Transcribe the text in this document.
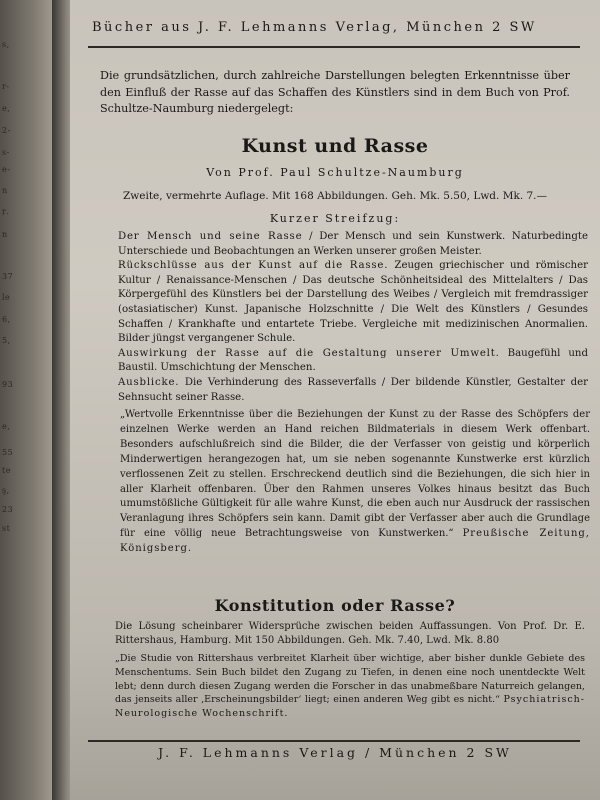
s,
r-
e,
2-
s-
e-
n
ŗ.
n
37
le
6,
5,
93
e,
55
te
ş,
23
st
Bücher aus J. F. Lehmanns Verlag, München 2 SW
Die grundsätzlichen, durch zahlreiche Darstellungen belegten Erkenntnisse über den Einfluß der Rasse auf das Schaffen des Künstlers sind in dem Buch von Prof. Schultze-Naumburg niedergelegt:
Kunst und Rasse
Von Prof. Paul Schultze-Naumburg
Zweite, vermehrte Auflage. Mit 168 Abbildungen. Geh. Mk. 5.50, Lwd. Mk. 7.—
Kurzer Streifzug:
Der Mensch und seine Rasse / Der Mensch und sein Kunstwerk. Naturbedingte Unterschiede und Beobachtungen an Werken unserer großen Meister.
Rückschlüsse aus der Kunst auf die Rasse. Zeugen griechischer und römischer Kultur / Renaissance-Menschen / Das deutsche Schönheitsideal des Mittelalters / Das Körpergefühl des Künstlers bei der Darstellung des Weibes / Vergleich mit fremdrassiger (ostasiatischer) Kunst. Japanische Holzschnitte / Die Welt des Künstlers / Gesundes Schaffen / Krankhafte und entartete Triebe. Vergleiche mit medizinischen Anormalien. Bilder jüngst vergangener Schule.
Auswirkung der Rasse auf die Gestaltung unserer Umwelt. Baugefühl und Baustil. Umschichtung der Menschen.
Ausblicke. Die Verhinderung des Rasseverfalls / Der bildende Künstler, Gestalter der Sehnsucht seiner Rasse.
„Wertvolle Erkenntnisse über die Beziehungen der Kunst zu der Rasse des Schöpfers der einzelnen Werke werden an Hand reichen Bildmaterials in diesem Werk offenbart. Besonders aufschlußreich sind die Bilder, die der Verfasser von geistig und körperlich Minderwertigen herangezogen hat, um sie neben sogenannte Kunstwerke erst kürzlich verflossenen Zeit zu stellen. Erschreckend deutlich sind die Beziehungen, die sich hier in aller Klarheit offenbaren. Über den Rahmen unseres Volkes hinaus besitzt das Buch umumstößliche Gültigkeit für alle wahre Kunst, die eben auch nur Ausdruck der rassischen Veranlagung ihres Schöpfers sein kann. Damit gibt der Verfasser aber auch die Grundlage für eine völlig neue Betrachtungsweise von Kunstwerken.“ Preußische Zeitung, Königsberg.
Konstitution oder Rasse?
Die Lösung scheinbarer Widersprüche zwischen beiden Auffassungen. Von Prof. Dr. E. Rittershaus, Hamburg. Mit 150 Abbildungen. Geh. Mk. 7.40, Lwd. Mk. 8.80
„Die Studie von Rittershaus verbreitet Klarheit über wichtige, aber bisher dunkle Gebiete des Menschentums. Sein Buch bildet den Zugang zu Tiefen, in denen eine noch unentdeckte Welt lebt; denn durch diesen Zugang werden die Forscher in das unabmeßbare Naturreich gelangen, das jenseits aller ‚Erscheinungsbilder‘ liegt; einen anderen Weg gibt es nicht.“ Psychiatrisch-Neurologische Wochenschrift.
J. F. Lehmanns Verlag / München 2 SW
